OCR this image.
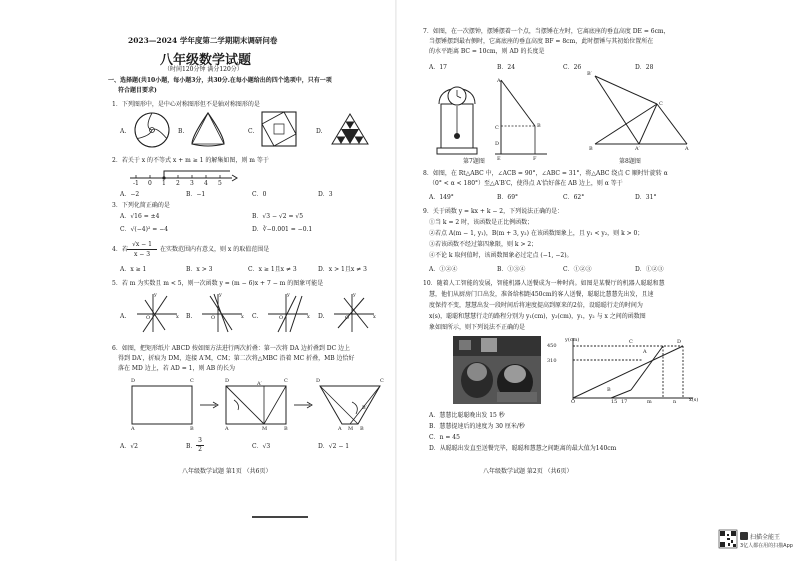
2023—2024 学年度第二学期期末调研问卷
八年级数学试题
（时间120分钟 满分120分）
一、选择题(共10小题，每小题3分，共30分.在每小题给出的四个选项中，只有一项
符合题目要求)
1．下列图形中，是中心对称图形但不是轴对称图形的是
A.	B.	C.	D.
2．若关于 x 的不等式 x + m ≥ 1 的解集如图，则 m 等于
-1 0 1 2 3 4 5
A．−2	B．−1	C．0	D．3
3．下列化简正确的是
A．√16 = ±4	B．√3 − √2 = √5
C．√(−4)² = −4	D．∛−0.001 = −0.1
4．若
√x − 1
x − 3
在实数范围内有意义，则 x 的取值范围是
A．x ≥ 1	B．x > 3	C．x ≥ 1且x ≠ 3	D．x > 1且x ≠ 3
5．若 m 为实数且 m < 5，则一次函数 y = (m − 6)x + 7 − m 的图象可能是
A.	B.	C.	D.
y
x
O
y
x
O
y
x
O
y
x
O
6．如图，把矩形纸片 ABCD 按如图方法进行两次折叠：第一次将 DA 边折叠到 DC 边上
得到 DA′，折痕为 DM，连接 A′M，CM；第二次将△MBC 沿着 MC 折叠，MB 边恰好
落在 MD 边上，若 AD = 1，则 AB 的长为
D	C
A	B
D	C
A	M	B
A′	D	C
A M B
B′
A．√2	B．
3
2	C．√3	D．√2 − 1
八年级数学试题 第1页 （共6页）
7．如图，在一次摆钟，摆锤摆着一个点，当摆锤在左时，它离底座的垂直高度 DE = 6cm，
当摆锤摆到最右侧时，它离底座的垂直高度 BF = 8cm，此时摆锤与其初始位置所在
的水平距离 BC = 10cm，则 AD 的长度是
A．17	B．24	C．26	D．28
A
D
B
C
E	F
第7题图
B′
C
B	A
A′
第8题图
8．如图，在 Rt△ABC 中，∠ACB = 90°，∠ABC = 31°，将△ABC 绕点 C 顺时针旋转 α
（0° < α < 180°）至△A′B′C，使得点 A′恰好落在 AB 边上，则 α 等于
A．149°	B．69°	C．62°	D．31°
9．关于函数 y = kx + k − 2，下列说法正确的是：
①当 k = 2 时，该函数是正比例函数；
②若点 A(m − 1, y₁)，B(m + 3, y₂) 在该函数图象上，且 y₁ < y₂，则 k > 0；
③若该函数不经过第四象限，则 k > 2；
④不论 k 取何值时，该函数图象必过定点 (−1, −2)。
A．①②④	B．①③④	C．①②③	D．①②③
10．随着人工智能的发展，智能机器人送餐成为一种时尚。如图是某餐厅的机器人聪聪和慧
慧，他们从厨房门口出发，准备给相距450cm的客人送餐，聪聪比慧慧先出发，且速
度保持不变，慧慧出发一段时间后将速度提高到原来的2倍，设聪聪行走的时间为
x(s)，聪聪和慧慧行走的路程分别为 y₁(cm)，y₂(cm)，y₁，y₂ 与 x 之间的函数图
象如图所示，则下列说法不正确的是
y(cm)
x(s)
450
310
O	15 17	m	n
C	D
A
B
A．慧慧比聪聪晚出发 15 秒
B．慧慧提速后的速度为 30 厘米/秒
C．n = 45
D．从聪聪出发直至送餐完毕，聪聪和慧慧之间距离的最大值为140cm
八年级数学试题 第2页 （共6页）
扫描全能王
3亿人都在用的扫描App
